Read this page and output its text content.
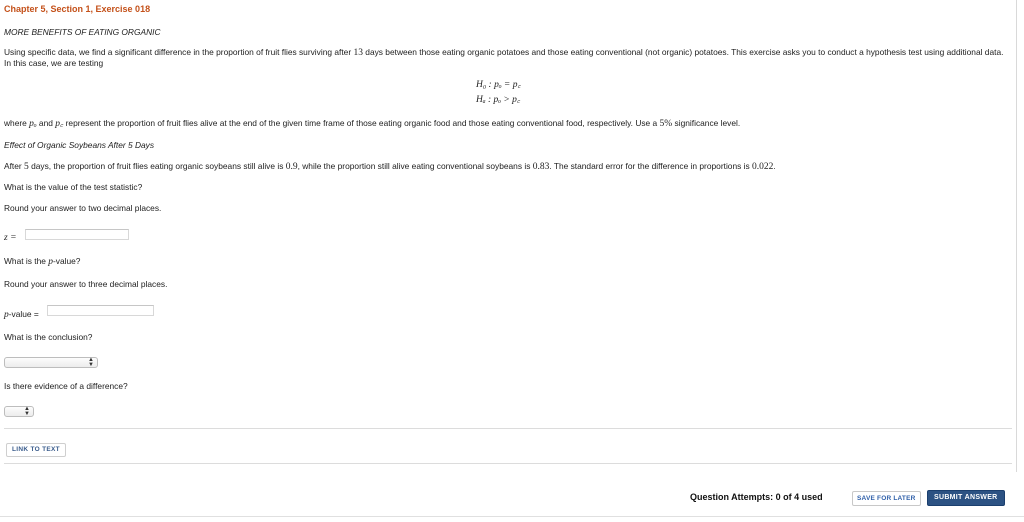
Chapter 5, Section 1, Exercise 018
MORE BENEFITS OF EATING ORGANIC
Using specific data, we find a significant difference in the proportion of fruit flies surviving after 13 days between those eating organic potatoes and those eating conventional (not organic) potatoes. This exercise asks you to conduct a hypothesis test using additional data. In this case, we are testing
H₀ : pₒ = p꜀
Hₐ : pₒ > p꜀
where pₒ and p꜀ represent the proportion of fruit flies alive at the end of the given time frame of those eating organic food and those eating conventional food, respectively. Use a 5% significance level.
Effect of Organic Soybeans After 5 Days
After 5 days, the proportion of fruit flies eating organic soybeans still alive is 0.9, while the proportion still alive eating conventional soybeans is 0.83. The standard error for the difference in proportions is 0.022.
What is the value of the test statistic?
Round your answer to two decimal places.
z =
What is the p-value?
Round your answer to three decimal places.
p-value =
What is the conclusion?
▲
▼
Is there evidence of a difference?
▲
▼
LINK TO TEXT
Question Attempts: 0 of 4 used	SAVE FOR LATER	SUBMIT ANSWER
